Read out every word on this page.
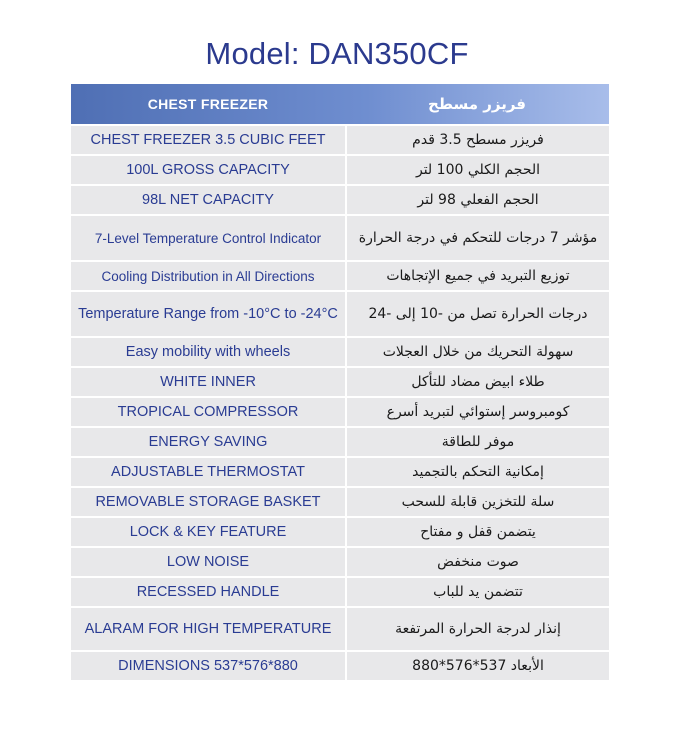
Model: DAN350CF
CHEST FREEZER	فريزر مسطح
CHEST FREEZER 3.5 CUBIC FEET	فريزر مسطح 3.5 قدم
100L GROSS CAPACITY	الحجم الكلي 100 لتر
98L NET CAPACITY	الحجم الفعلي 98 لتر
7-Level Temperature Control Indicator	مؤشر 7 درجات للتحكم في درجة الحرارة
Cooling Distribution in All Directions	توزيع التبريد في جميع الإتجاهات
Temperature Range from -10°C to -24°C	درجات الحرارة تصل من -10 إلى -24
Easy mobility with wheels	سهولة التحريك من خلال العجلات
WHITE INNER	طلاء ابيض مضاد للتأكل
TROPICAL COMPRESSOR	كومبروسر إستوائي لتبريد أسرع
ENERGY SAVING	موفر للطاقة
ADJUSTABLE THERMOSTAT	إمكانية التحكم بالتجميد
REMOVABLE STORAGE BASKET	سلة للتخزين قابلة للسحب
LOCK & KEY FEATURE	يتضمن قفل و مفتاح
LOW NOISE	صوت منخفض
RECESSED HANDLE	تتضمن يد للباب
ALARAM FOR HIGH TEMPERATURE	إنذار لدرجة الحرارة المرتفعة
DIMENSIONS 537*576*880	الأبعاد 537*576*880
